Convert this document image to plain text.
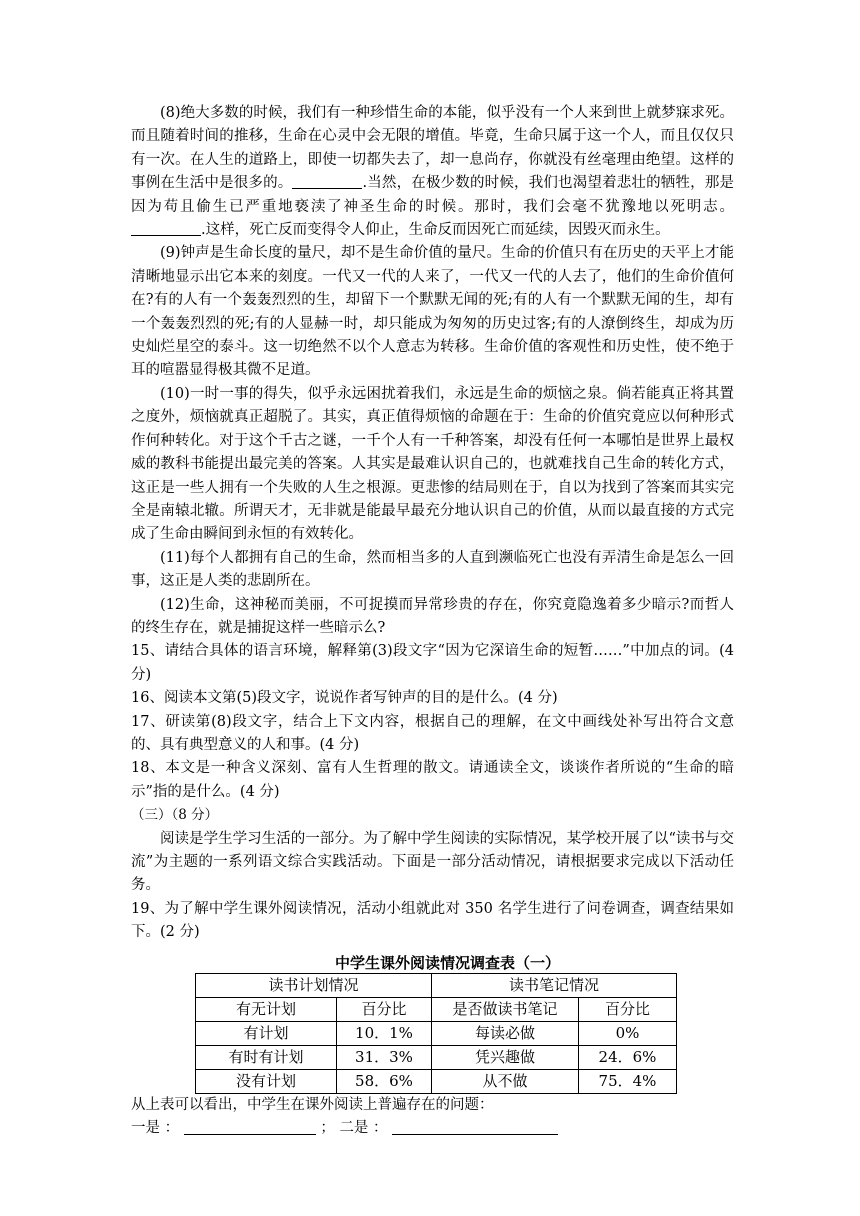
(8)绝大多数的时候，我们有一种珍惜生命的本能，似乎没有一个人来到世上就梦寐求死。而且随着时间的推移，生命在心灵中会无限的增值。毕竟，生命只属于这一个人，而且仅仅只有一次。在人生的道路上，即使一切都失去了，却一息尚存，你就没有丝毫理由绝望。这样的事例在生活中是很多的。	.当然，在极少数的时候，我们也渴望着悲壮的牺牲，那是因为苟且偷生已严重地亵渎了神圣生命的时候。那时，我们会毫不犹豫地以死明志。.这样，死亡反而变得令人仰止，生命反而因死亡而延续，因毁灭而永生。

(9)钟声是生命长度的量尺，却不是生命价值的量尺。生命的价值只有在历史的天平上才能清晰地显示出它本来的刻度。一代又一代的人来了，一代又一代的人去了，他们的生命价值何在?有的人有一个轰轰烈烈的生，却留下一个默默无闻的死;有的人有一个默默无闻的生，却有一个轰轰烈烈的死;有的人显赫一时，却只能成为匆匆的历史过客;有的人潦倒终生，却成为历史灿烂星空的泰斗。这一切绝然不以个人意志为转移。生命价值的客观性和历史性，使不绝于耳的喧嚣显得极其微不足道。

(10)一时一事的得失，似乎永远困扰着我们，永远是生命的烦恼之泉。倘若能真正将其置之度外，烦恼就真正超脱了。其实，真正值得烦恼的命题在于：生命的价值究竟应以何种形式作何种转化。对于这个千古之谜，一千个人有一千种答案，却没有任何一本哪怕是世界上最权威的教科书能提出最完美的答案。人其实是最难认识自己的，也就难找自己生命的转化方式，这正是一些人拥有一个失败的人生之根源。更悲惨的结局则在于，自以为找到了答案而其实完全是南辕北辙。所谓天才，无非就是能最早最充分地认识自己的价值，从而以最直接的方式完成了生命由瞬间到永恒的有效转化。

(11)每个人都拥有自己的生命，然而相当多的人直到濒临死亡也没有弄清生命是怎么一回事，这正是人类的悲剧所在。

(12)生命，这神秘而美丽，不可捉摸而异常珍贵的存在，你究竟隐逸着多少暗示?而哲人的终生存在，就是捕捉这样一些暗示么?

15、请结合具体的语言环境，解释第(3)段文字“因为它深谙生命的短暂……”中加点的词。(4 分)

16、阅读本文第(5)段文字，说说作者写钟声的目的是什么。(4 分)

17、研读第(8)段文字，结合上下文内容，根据自己的理解，在文中画线处补写出符合文意的、具有典型意义的人和事。(4 分)

18、本文是一种含义深刻、富有人生哲理的散文。请通读全文，谈谈作者所说的“生命的暗示”指的是什么。(4 分)

（三）（8 分）

阅读是学生学习生活的一部分。为了解中学生阅读的实际情况，某学校开展了以“读书与交流”为主题的一系列语文综合实践活动。下面是一部分活动情况，请根据要求完成以下活动任务。

19、为了解中学生课外阅读情况，活动小组就此对 350 名学生进行了问卷调查，调查结果如下。(2 分)

中学生课外阅读情况调查表（一）
读书计划情况		读书笔记情况	
有无计划	百分比	是否做读书笔记	百分比
有计划	10．1%	每读必做	0%
有时有计划	31．3%	凭兴趣做	24．6%
没有计划	58．6%	从不做	75．4%

从上表可以看出，中学生在课外阅读上普遍存在的问题：

一是 ：	； 二是 ：
